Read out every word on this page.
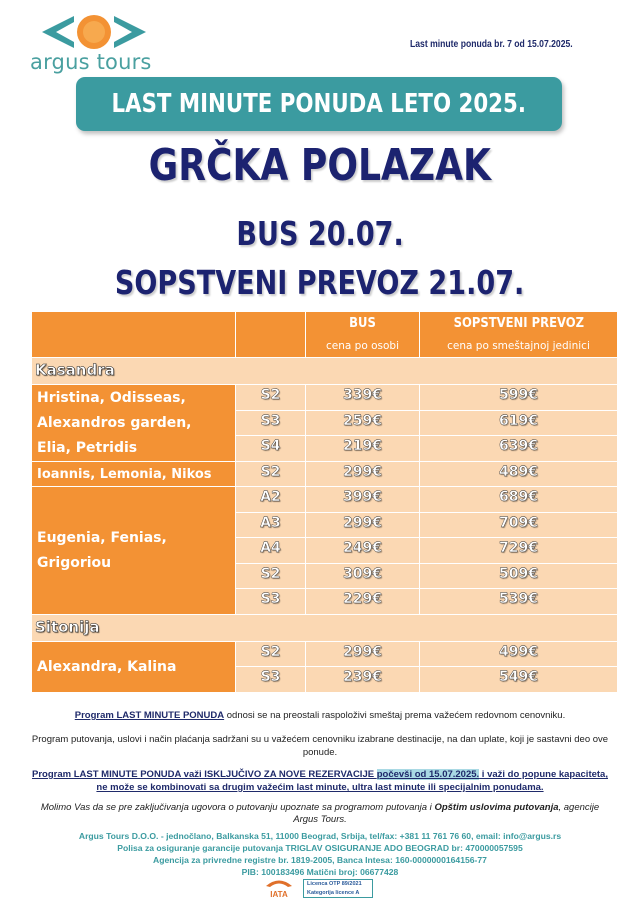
argus tours
Last minute ponuda br. 7 od 15.07.2025.
LAST MINUTE PONUDA LETO 2025.
GRČKA POLAZAK
BUS 20.07.
SOPSTVENI PREVOZ 21.07.
BUS
cena po osobi
SOPSTVENI PREVOZ
cena po smeštajnoj jedinici
Kasandra
Hristina, Odisseas,
Alexandros garden,
Elia, Petridis
S2	339€	599€
S3	259€	619€
S4	219€	639€
Ioannis, Lemonia, Nikos	S2	299€	489€
Eugenia, Fenias,
Grigoriou
A2	399€	689€
A3	299€	709€
A4	249€	729€
S2	309€	509€
S3	229€	539€
Sitonija
Alexandra, Kalina
S2	299€	499€
S3	239€	549€
Program LAST MINUTE PONUDA odnosi se na preostali raspoloživi smeštaj prema važećem redovnom cenovniku.
Program putovanja, uslovi i način plaćanja sadržani su u važećem cenovniku izabrane destinacije, na dan uplate, koji je sastavni deo ove ponude.
Program LAST MINUTE PONUDA važi ISKLJUČIVO ZA NOVE REZERVACIJE počevši od 15.07.2025. i važi do popune kapaciteta, ne može se kombinovati sa drugim važećim last minute, ultra last minute ili specijalnim ponudama.
Molimo Vas da se pre zaključivanja ugovora o putovanju upoznate sa programom putovanja i Opštim uslovima putovanja, agencije Argus Tours.
Argus Tours D.O.O. - jednočlano, Balkanska 51, 11000 Beograd, Srbija, tel/fax: +381 11 761 76 60, email: info@argus.rs
Polisa za osiguranje garancije putovanja TRIGLAV OSIGURANJE ADO BEOGRAD br: 470000057595
Agencija za privredne registre br. 1819-2005, Banca Intesa: 160-0000000164156-77
PIB: 100183496 Matični broj: 06677428
IATA
Licenca OTP 89/2021
Kategorija licence A
